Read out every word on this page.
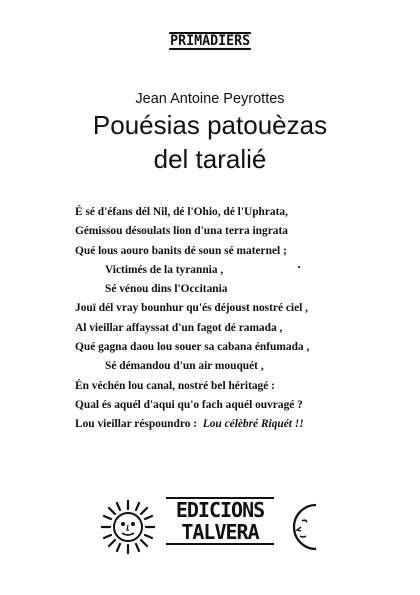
PRIMADIERS
Jean Antoine Peyrottes
Pouésias patouèzas
del taralié
É sé d'éfans dél Nil, dé l'Ohio, dé l'Uphrata,
Gémissou désoulats lion d'una terra ingrata
Qué lous aouro banits dé soun sé maternel ;
Victimés de la tyrannia ,
Sé vénou dins l'Occitania
Jouï dél vray bounhur qu'és déjoust nostré ciel ,
Al vieillar affayssat d'un fagot dé ramada ,
Qué gagna daou lou souer sa cabana énfumada ,
Sé démandou d'un air mouquét ,
Én véchén lou canal, nostré bel héritagé :
Qual és aquél d'aqui qu'o fach aquél ouvragé ?
Lou vieillar réspoundro : Lou célèbré Riquét !!
EDICIONS
TALVERA
